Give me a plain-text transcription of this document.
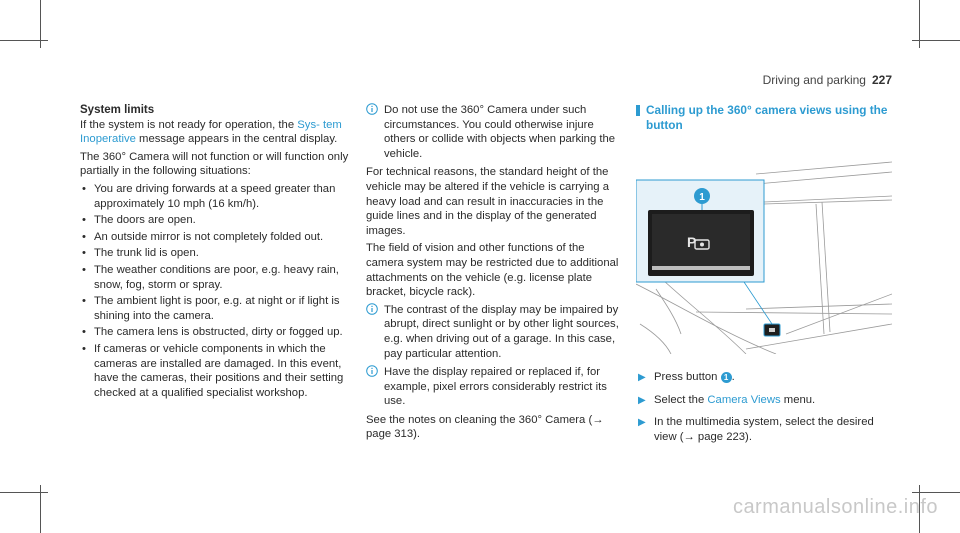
Driving and parking 227

System limits

If the system is not ready for operation, the Sys- tem Inoperative message appears in the central display.

The 360° Camera will not function or will function only partially in the following situations:

• You are driving forwards at a speed greater than approximately 10 mph (16 km/h).
• The doors are open.
• An outside mirror is not completely folded out.
• The trunk lid is open.
• The weather conditions are poor, e.g. heavy rain, snow, fog, storm or spray.
• The ambient light is poor, e.g. at night or if light is shining into the camera.
• The camera lens is obstructed, dirty or fogged up.
• If cameras or vehicle components in which the cameras are installed are damaged. In this event, have the cameras, their positions and their setting checked at a qualified specialist workshop.
Do not use the 360° Camera under such circumstances. You could otherwise injure others or collide with objects when parking the vehicle.

For technical reasons, the standard height of the vehicle may be altered if the vehicle is carrying a heavy load and can result in inaccuracies in the guide lines and in the display of the generated images.

The field of vision and other functions of the camera system may be restricted due to additional attachments on the vehicle (e.g. license plate bracket, bicycle rack).

The contrast of the display may be impaired by abrupt, direct sunlight or by other light sources, e.g. when driving out of a garage. In this case, pay particular attention.
Have the display repaired or replaced if, for example, pixel errors considerably restrict its use.

See the notes on cleaning the 360° Camera (→ page 313).

Calling up the 360° camera views using the button
P
1
▶ Press button 1 .
▶ Select the Camera Views menu.
▶ In the multimedia system, select the desired view (→ page 223).
carmanualsonline.info
